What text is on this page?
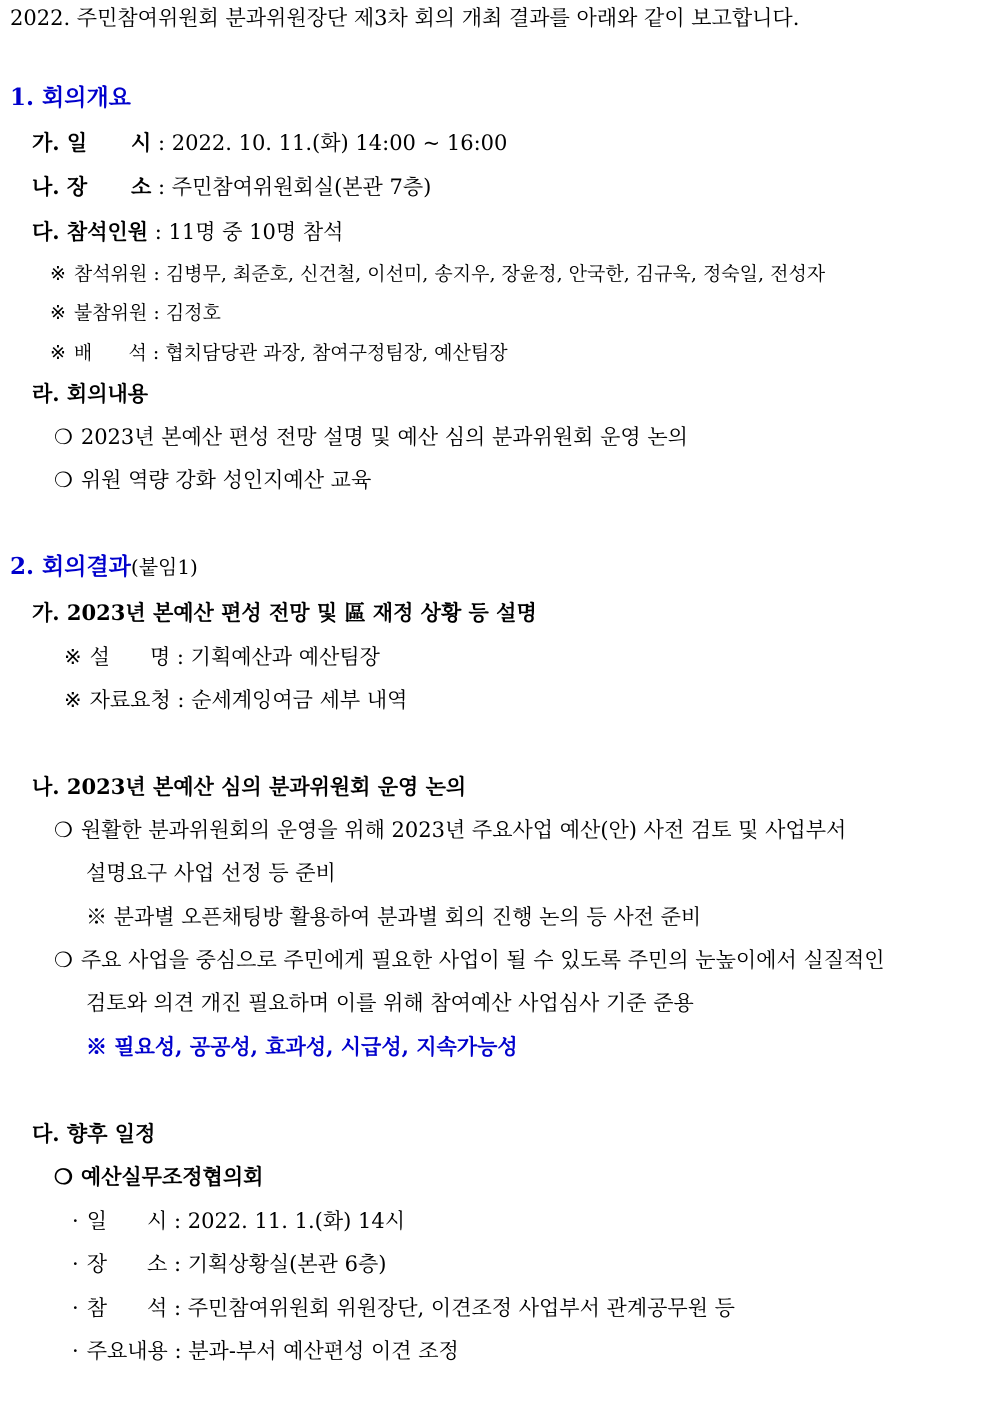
2022. 주민참여위원회 분과위원장단 제3차 회의 개최 결과를 아래와 같이 보고합니다.
1. 회의개요
가. 일      시 : 2022. 10. 11.(화) 14:00 ~ 16:00
나. 장      소 : 주민참여위원회실(본관 7층)
다. 참석인원 : 11명 중 10명 참석
※ 참석위원 : 김병무, 최준호, 신건철, 이선미, 송지우, 장윤정, 안국한, 김규욱, 정숙일, 전성자
※ 불참위원 : 김정호
※ 배      석 : 협치담당관 과장, 참여구정팀장, 예산팀장
라. 회의내용
❍ 2023년 본예산 편성 전망 설명 및 예산 심의 분과위원회 운영 논의
❍ 위원 역량 강화 성인지예산 교육
2. 회의결과(붙임1)
가. 2023년 본예산 편성 전망 및 區 재정 상황 등 설명
※ 설      명 : 기획예산과 예산팀장
※ 자료요청 : 순세계잉여금 세부 내역
나. 2023년 본예산 심의 분과위원회 운영 논의
❍ 원활한 분과위원회의 운영을 위해 2023년 주요사업 예산(안) 사전 검토 및 사업부서
설명요구 사업 선정 등 준비
※ 분과별 오픈채팅방 활용하여 분과별 회의 진행 논의 등 사전 준비
❍ 주요 사업을 중심으로 주민에게 필요한 사업이 될 수 있도록 주민의 눈높이에서 실질적인
검토와 의견 개진 필요하며 이를 위해 참여예산 사업심사 기준 준용
※ 필요성, 공공성, 효과성, 시급성, 지속가능성
다. 향후 일정
❍ 예산실무조정협의회
· 일      시 : 2022. 11. 1.(화) 14시
· 장      소 : 기획상황실(본관 6층)
· 참      석 : 주민참여위원회 위원장단, 이견조정 사업부서 관계공무원 등
· 주요내용 : 분과-부서 예산편성 이견 조정
